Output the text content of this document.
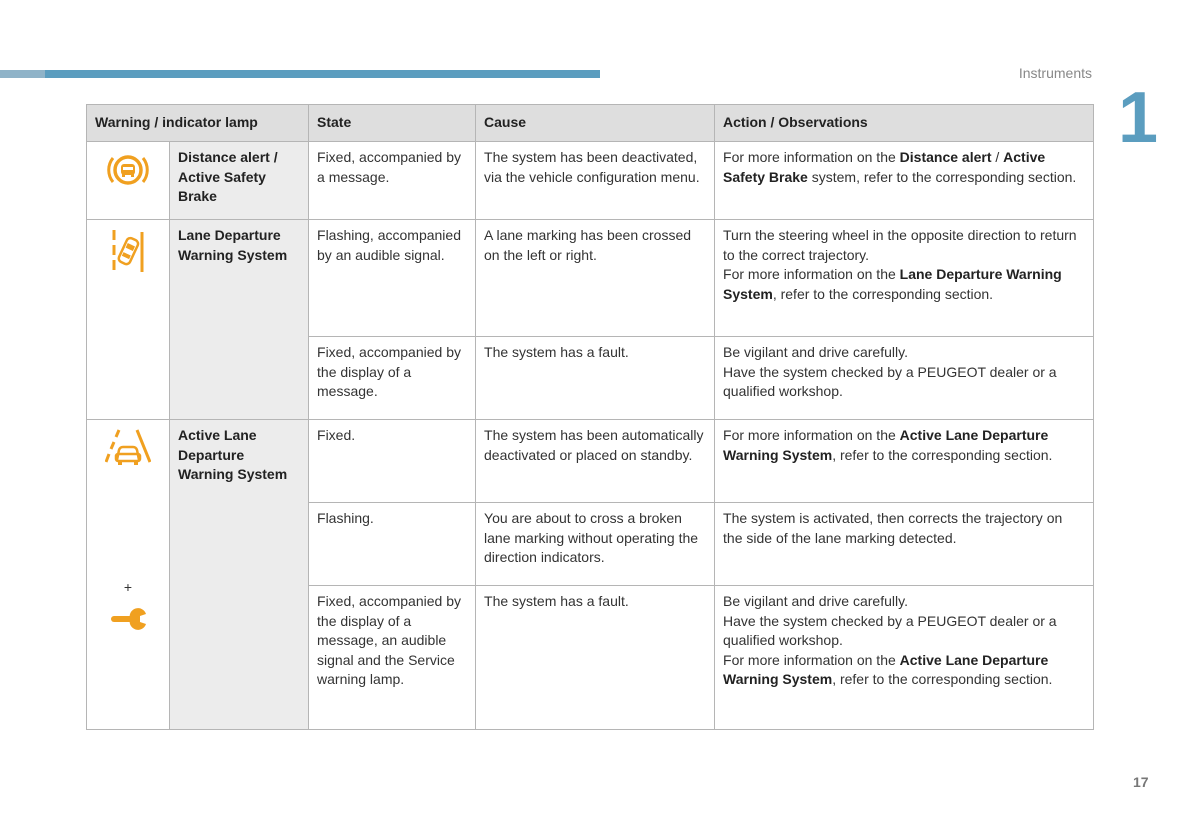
Instruments
1
Warning / indicator lamp		State	Cause	Action / Observations

	Distance alert / Active Safety Brake	Fixed, accompanied by a message.	The system has been deactivated, via the vehicle configuration menu.	For more information on the Distance alert / Active Safety Brake system, refer to the corresponding section.

	Lane Departure Warning System	Flashing, accompanied by an audible signal.	A lane marking has been crossed on the left or right.	Turn the steering wheel in the opposite direction to return to the correct trajectory.
For more information on the Lane Departure Warning System, refer to the corresponding section.
		Fixed, accompanied by the display of a message.	The system has a fault.	Be vigilant and drive carefully.
Have the system checked by a PEUGEOT dealer or a qualified workshop.

+	Active Lane Departure Warning System	Fixed.	The system has been automatically deactivated or placed on standby.	For more information on the Active Lane Departure Warning System, refer to the corresponding section.
		Flashing.	You are about to cross a broken lane marking without operating the direction indicators.	The system is activated, then corrects the trajectory on the side of the lane marking detected.
		Fixed, accompanied by the display of a message, an audible signal and the Service warning lamp.	The system has a fault.	Be vigilant and drive carefully.
Have the system checked by a PEUGEOT dealer or a qualified workshop.
For more information on the Active Lane Departure Warning System, refer to the corresponding section.
17
